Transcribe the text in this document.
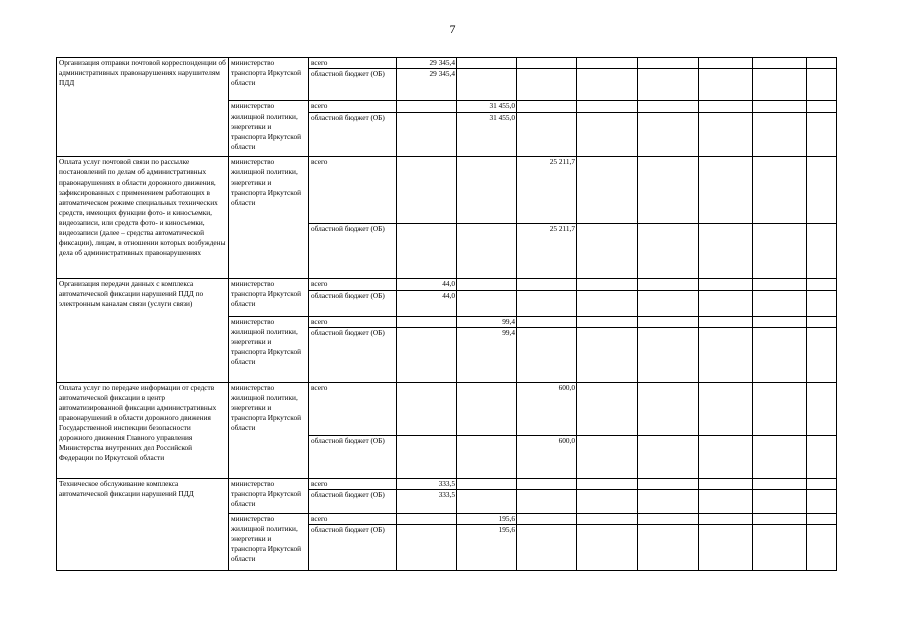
7
Организация отправки почтовой корреспонденции об административных правонарушениях нарушителям ПДД	министерство транспорта Иркутской области	всего	29 345,4								
		областной бюджет (ОБ)	29 345,4								
	министерство жилищной политики, энергетики и транспорта Иркутской области	всего		31 455,0							
		областной бюджет (ОБ)		31 455,0							
Оплата услуг почтовой связи по рассылке постановлений по делам об административных правонарушениях в области дорожного движения, зафиксированных с применением работающих в автоматическом режиме специальных технических средств, имеющих функции фото- и киносъемки, видеозаписи, или средств фото- и киносъемки, видеозаписи (далее – средства автоматической фиксации), лицам, в отношении которых возбуждены дела об административных правонарушениях	министерство жилищной политики, энергетики и транспорта Иркутской области	всего			25 211,7						
		областной бюджет (ОБ)			25 211,7						
Организация передачи данных с комплекса автоматической фиксации нарушений ПДД по электронным каналам связи (услуги связи)	министерство транспорта Иркутской области	всего	44,0								
		областной бюджет (ОБ)	44,0								
	министерство жилищной политики, энергетики и транспорта Иркутской области	всего		99,4							
		областной бюджет (ОБ)		99,4							
Оплата услуг по передаче информации от средств автоматической фиксации в центр автоматизированной фиксации административных правонарушений в области дорожного движения Государственной инспекции безопасности дорожного движения Главного управления Министерства внутренних дел Российской Федерации по Иркутской области	министерство жилищной политики, энергетики и транспорта Иркутской области	всего			600,0						
		областной бюджет (ОБ)			600,0						
Техническое обслуживание комплекса автоматической фиксации нарушений ПДД	министерство транспорта Иркутской области	всего	333,5								
		областной бюджет (ОБ)	333,5								
	министерство жилищной политики, энергетики и транспорта Иркутской области	всего		195,6							
		областной бюджет (ОБ)		195,6							
